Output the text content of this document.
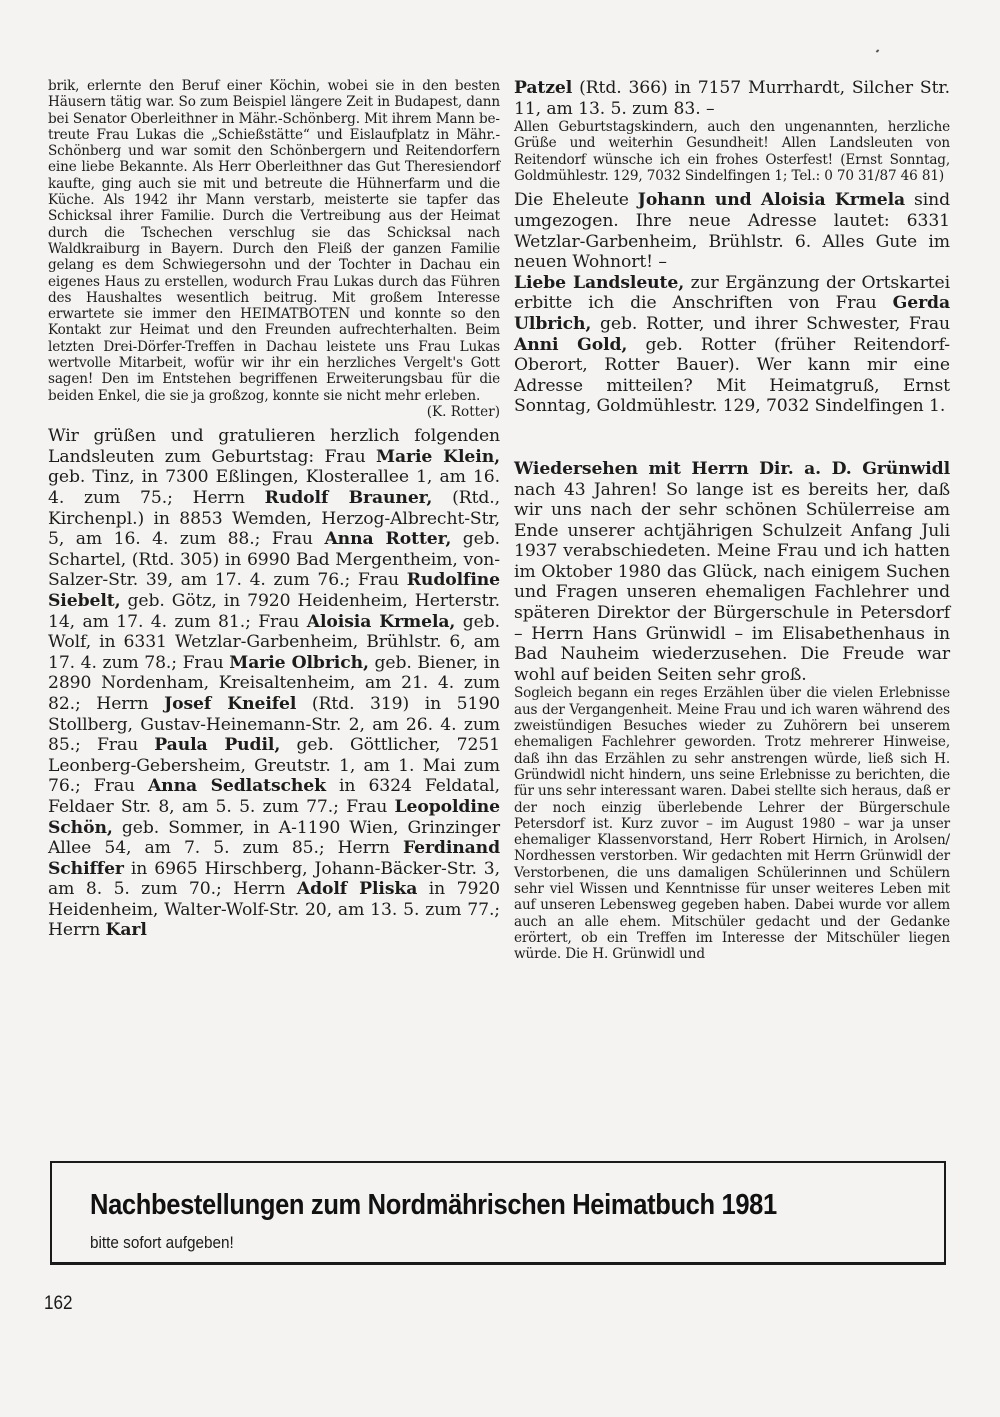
brik, erlernte den Beruf einer Köchin, wobei sie in den besten Häusern tätig war. So zum Beispiel längere Zeit in Budapest, dann bei Senator Oberleithner in Mähr.-Schönberg. Mit ihrem Mann betreute Frau Lukas die „Schießstätte“ und Eislaufplatz in Mähr.-Schönberg und war somit den Schönbergern und Reitendorfern eine liebe Bekannte. Als Herr Oberleithner das Gut Theresiendorf kaufte, ging auch sie mit und betreute die Hühnerfarm und die Küche. Als 1942 ihr Mann verstarb, meisterte sie tapfer das Schicksal ihrer Familie. Durch die Vertreibung aus der Heimat durch die Tschechen verschlug sie das Schicksal nach Waldkraiburg in Bayern. Durch den Fleiß der ganzen Familie gelang es dem Schwiegersohn und der Tochter in Dachau ein eigenes Haus zu erstellen, wodurch Frau Lukas durch das Führen des Haushaltes wesentlich beitrug. Mit großem Interesse erwartete sie immer den HEIMATBOTEN und konnte so den Kontakt zur Heimat und den Freunden aufrechterhalten. Beim letzten Drei-Dörfer-Treffen in Dachau leistete uns Frau Lukas wertvolle Mitarbeit, wofür wir ihr ein herzliches Vergelt's Gott sagen! Den im Entstehen begriffenen Erweiterungsbau für die beiden Enkel, die sie ja großzog, konnte sie nicht mehr erleben.

(K. Rotter)

Wir grüßen und gratulieren herzlich folgenden Landsleuten zum Geburtstag: Frau Marie Klein, geb. Tinz, in 7300 Eßlingen, Klosterallee 1, am 16. 4. zum 75.; Herrn Rudolf Brauner, (Rtd., Kirchenpl.) in 8853 Wemden, Herzog-Albrecht-Str, 5, am 16. 4. zum 88.; Frau Anna Rotter, geb. Schartel, (Rtd. 305) in 6990 Bad Mergentheim, von-Salzer-Str. 39, am 17. 4. zum 76.; Frau Rudolfine Siebelt, geb. Götz, in 7920 Heidenheim, Herterstr. 14, am 17. 4. zum 81.; Frau Aloisia Krmela, geb. Wolf, in 6331 Wetzlar-Garbenheim, Brühlstr. 6, am 17. 4. zum 78.; Frau Marie Olbrich, geb. Biener, in 2890 Nordenham, Kreisaltenheim, am 21. 4. zum 82.; Herrn Josef Kneifel (Rtd. 319) in 5190 Stollberg, Gustav-Heinemann-Str. 2, am 26. 4. zum 85.; Frau Paula Pudil, geb. Göttlicher, 7251 Leonberg-Gebersheim, Greutstr. 1, am 1. Mai zum 76.; Frau Anna Sedlatschek in 6324 Feldatal, Feldaer Str. 8, am 5. 5. zum 77.; Frau Leopoldine Schön, geb. Sommer, in A-1190 Wien, Grinzinger Allee 54, am 7. 5. zum 85.; Herrn Ferdinand Schiffer in 6965 Hirschberg, Johann-Bäcker-Str. 3, am 8. 5. zum 70.; Herrn Adolf Pliska in 7920 Heidenheim, Walter-Wolf-Str. 20, am 13. 5. zum 77.; Herrn Karl

Patzel (Rtd. 366) in 7157 Murrhardt, Silcher Str. 11, am 13. 5. zum 83. –

Allen Geburtstagskindern, auch den ungenannten, herzliche Grüße und weiterhin Gesundheit! Allen Landsleuten von Reitendorf wünsche ich ein frohes Osterfest! (Ernst Sonntag, Goldmühlestr. 129, 7032 Sindelfingen 1; Tel.: 0 70 31/87 46 81)

Die Eheleute Johann und Aloisia Krmela sind umgezogen. Ihre neue Adresse lautet: 6331 Wetzlar-Garbenheim, Brühlstr. 6. Alles Gute im neuen Wohnort! –

Liebe Landsleute, zur Ergänzung der Ortskartei erbitte ich die Anschriften von Frau Gerda Ulbrich, geb. Rotter, und ihrer Schwester, Frau Anni Gold, geb. Rotter (früher Reitendorf-Oberort, Rotter Bauer). Wer kann mir eine Adresse mitteilen? Mit Heimatgruß, Ernst Sonntag, Goldmühlestr. 129, 7032 Sindelfingen 1.

Wiedersehen mit Herrn Dir. a. D. Grünwidl nach 43 Jahren! So lange ist es bereits her, daß wir uns nach der sehr schönen Schülerreise am Ende unserer achtjährigen Schulzeit Anfang Juli 1937 verabschiedeten. Meine Frau und ich hatten im Oktober 1980 das Glück, nach einigem Suchen und Fragen unseren ehemaligen Fachlehrer und späteren Direktor der Bürgerschule in Petersdorf – Herrn Hans Grünwidl – im Elisabethenhaus in Bad Nauheim wiederzusehen. Die Freude war wohl auf beiden Seiten sehr groß.

Sogleich begann ein reges Erzählen über die vielen Erlebnisse aus der Vergangenheit. Meine Frau und ich waren während des zweistündigen Besuches wieder zu Zuhörern bei unserem ehemaligen Fachlehrer geworden. Trotz mehrerer Hinweise, daß ihn das Erzählen zu sehr anstrengen würde, ließ sich H. Gründwidl nicht hindern, uns seine Erlebnisse zu berichten, die für uns sehr interessant waren. Dabei stellte sich heraus, daß er der noch einzig überlebende Lehrer der Bürgerschule Petersdorf ist. Kurz zuvor – im August 1980 – war ja unser ehemaliger Klassenvorstand, Herr Robert Hirnich, in Arolsen/ Nordhessen verstorben. Wir gedachten mit Herrn Grünwidl der Verstorbenen, die uns damaligen Schülerinnen und Schülern sehr viel Wissen und Kenntnisse für unser weiteres Leben mit auf unseren Lebensweg gegeben haben. Dabei wurde vor allem auch an alle ehem. Mitschüler gedacht und der Gedanke erörtert, ob ein Treffen im Interesse der Mitschüler liegen würde. Die H. Grünwidl und

Nachbestellungen zum Nordmährischen Heimatbuch 1981
bitte sofort aufgeben!
162
